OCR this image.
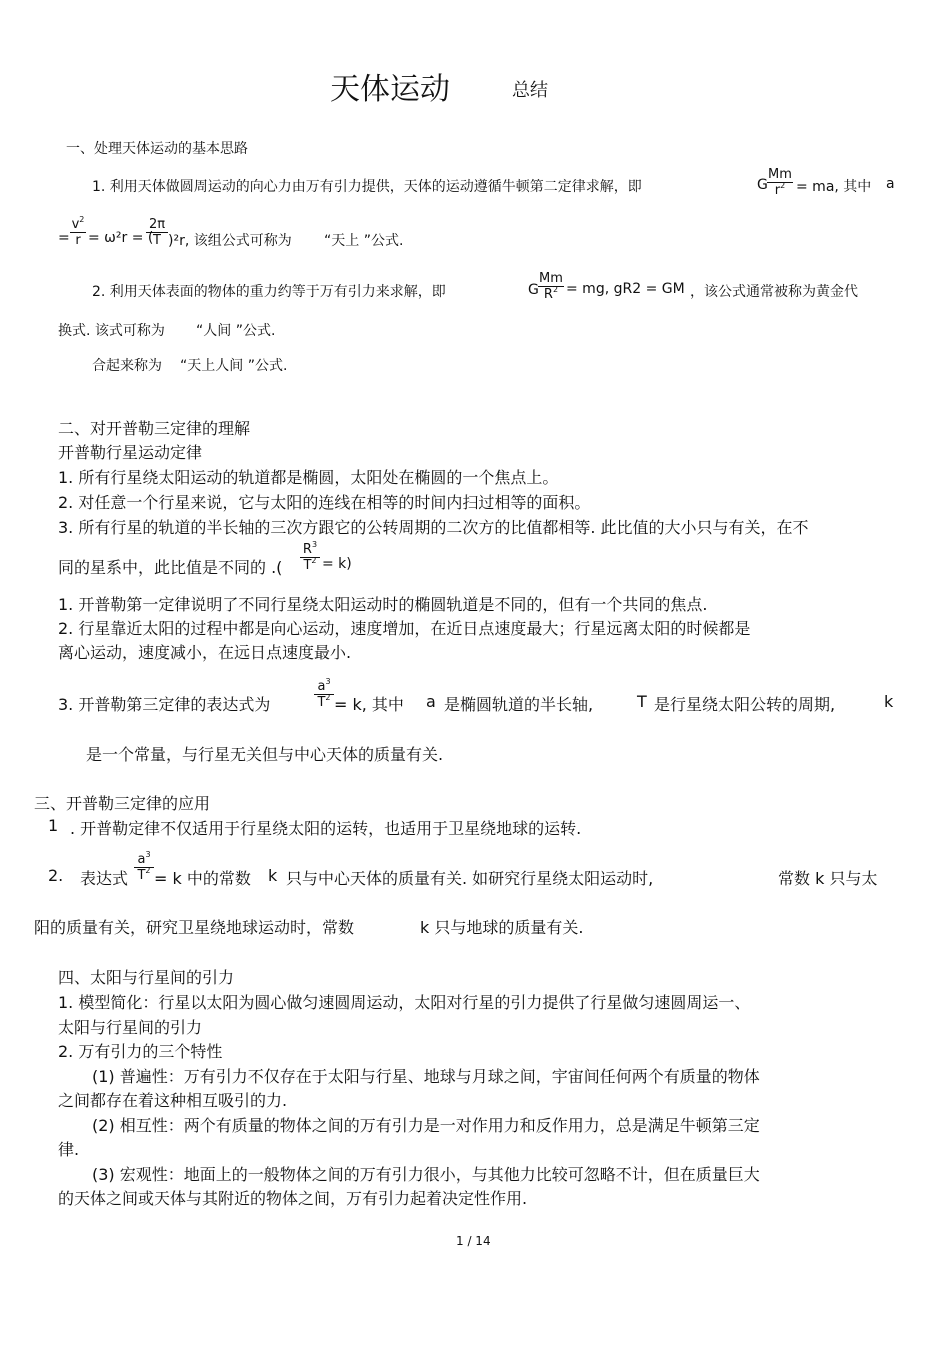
天体运动	总结
一、处理天体运动的基本思路
1. 利用天体做圆周运动的向心力由万有引力提供，天体的运动遵循牛顿第二定律求解，即	G
Mm
$r^2$ = ma, 其中 a
=
$v^2$
r = ω²r = (
2π
T )²r, 该组公式可称为 “天上 ”公式.
2. 利用天体表面的物体的重力约等于万有引力来求解，即	G
Mm
$R^2$ = mg, gR2 = GM ，该公式通常被称为黄金代
换式. 该式可称为 “人间 ”公式.
合起来称为 “天上人间 ”公式.
二、对开普勒三定律的理解
开普勒行星运动定律
1. 所有行星绕太阳运动的轨道都是椭圆，太阳处在椭圆的一个焦点上。
2. 对任意一个行星来说，它与太阳的连线在相等的时间内扫过相等的面积。
3. 所有行星的轨道的半长轴的三次方跟它的公转周期的二次方的比值都相等. 此比值的大小只与有关，在不
同的星系中，此比值是不同的 .(
$R^3$
$T^2 = k$)
1. 开普勒第一定律说明了不同行星绕太阳运动时的椭圆轨道是不同的，但有一个共同的焦点.
2. 行星靠近太阳的过程中都是向心运动，速度增加，在近日点速度最大；行星远离太阳的时候都是
离心运动，速度减小，在远日点速度最小.
3. 开普勒第三定律的表达式为
$a^3$
$T^2 = k$, 其中 a 是椭圆轨道的半长轴,	T 是行星绕太阳公转的周期,	k
是一个常量，与行星无关但与中心天体的质量有关.
三、开普勒三定律的应用
1 . 开普勒定律不仅适用于行星绕太阳的运转，也适用于卫星绕地球的运转.
2. 表达式
$a^3$
$T^2 = k$ 中的常数 k 只与中心天体的质量有关. 如研究行星绕太阳运动时,	常数 k 只与太
阳的质量有关，研究卫星绕地球运动时，常数	k 只与地球的质量有关.
四、太阳与行星间的引力
1. 模型简化：行星以太阳为圆心做匀速圆周运动，太阳对行星的引力提供了行星做匀速圆周运一、
太阳与行星间的引力
2. 万有引力的三个特性
(1) 普遍性：万有引力不仅存在于太阳与行星、地球与月球之间，宇宙间任何两个有质量的物体
之间都存在着这种相互吸引的力.
(2) 相互性：两个有质量的物体之间的万有引力是一对作用力和反作用力，总是满足牛顿第三定
律.
(3) 宏观性：地面上的一般物体之间的万有引力很小，与其他力比较可忽略不计，但在质量巨大
的天体之间或天体与其附近的物体之间，万有引力起着决定性作用.
1 / 14
